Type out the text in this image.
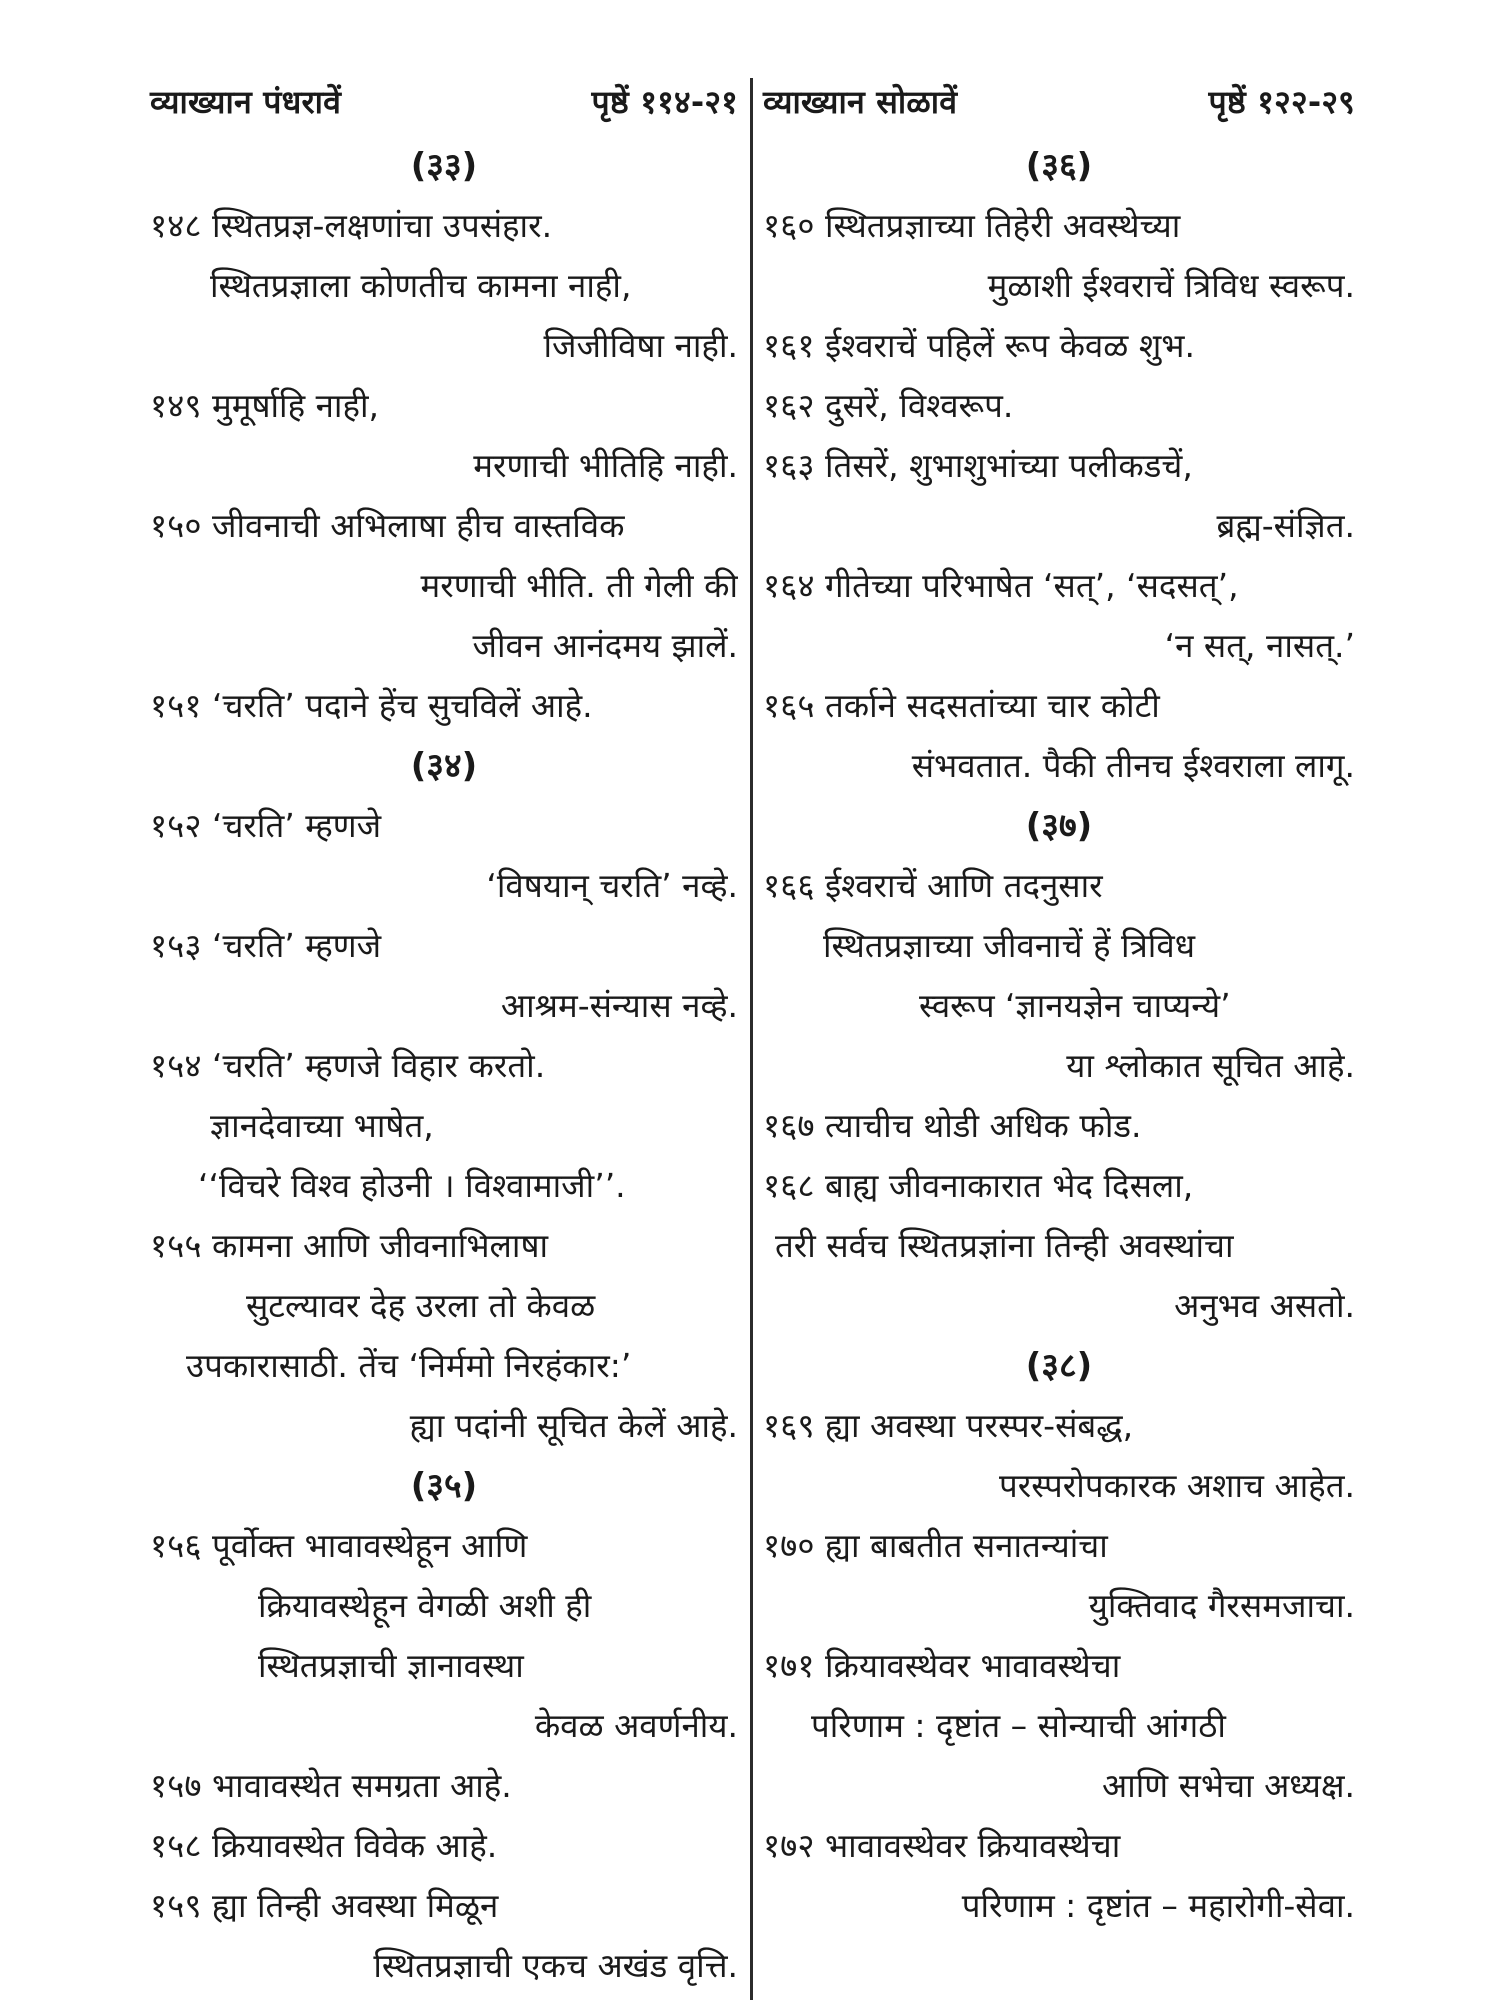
व्याख्यान पंधरावें	पृष्ठें ११४-२१
(३३)
१४८ स्थितप्रज्ञ-लक्षणांचा उपसंहार.
स्थितप्रज्ञाला कोणतीच कामना नाही,
जिजीविषा नाही.
१४९ मुमूर्षाहि नाही,
मरणाची भीतिहि नाही.
१५० जीवनाची अभिलाषा हीच वास्तविक
मरणाची भीति. ती गेली की
जीवन आनंदमय झालें.
१५१ ‘चरति’ पदाने हेंच सुचविलें आहे.
(३४)
१५२ ‘चरति’ म्हणजे
‘विषयान् चरति’ नव्हे.
१५३ ‘चरति’ म्हणजे
आश्रम-संन्यास नव्हे.
१५४ ‘चरति’ म्हणजे विहार करतो.
ज्ञानदेवाच्या भाषेत,
‘‘विचरे विश्व होउनी । विश्वामाजी’’.
१५५ कामना आणि जीवनाभिलाषा
सुटल्यावर देह उरला तो केवळ
उपकारासाठी. तेंच ‘निर्ममो निरहंकार:’
ह्या पदांनी सूचित केलें आहे.
(३५)
१५६ पूर्वोक्त भावावस्थेहून आणि
क्रियावस्थेहून वेगळी अशी ही
स्थितप्रज्ञाची ज्ञानावस्था
केवळ अवर्णनीय.
१५७ भावावस्थेत समग्रता आहे.
१५८ क्रियावस्थेत विवेक आहे.
१५९ ह्या तिन्ही अवस्था मिळून
स्थितप्रज्ञाची एकच अखंड वृत्ति.
व्याख्यान सोळावें	पृष्ठें १२२-२९
(३६)
१६० स्थितप्रज्ञाच्या तिहेरी अवस्थेच्या
मुळाशी ईश्वराचें त्रिविध स्वरूप.
१६१ ईश्वराचें पहिलें रूप केवळ शुभ.
१६२ दुसरें, विश्वरूप.
१६३ तिसरें, शुभाशुभांच्या पलीकडचें,
ब्रह्म-संज्ञित.
१६४ गीतेच्या परिभाषेत ‘सत्’, ‘सदसत्’,
‘न सत्, नासत्.’
१६५ तर्काने सदसतांच्या चार कोटी
संभवतात. पैकी तीनच ईश्वराला लागू.
(३७)
१६६ ईश्वराचें आणि तदनुसार
स्थितप्रज्ञाच्या जीवनाचें हें त्रिविध
स्वरूप ‘ज्ञानयज्ञेन चाप्यन्ये’
या श्लोकात सूचित आहे.
१६७ त्याचीच थोडी अधिक फोड.
१६८ बाह्य जीवनाकारात भेद दिसला,
तरी सर्वच स्थितप्रज्ञांना तिन्ही अवस्थांचा
अनुभव असतो.
(३८)
१६९ ह्या अवस्था परस्पर-संबद्ध,
परस्परोपकारक अशाच आहेत.
१७० ह्या बाबतीत सनातन्यांचा
युक्तिवाद गैरसमजाचा.
१७१ क्रियावस्थेवर भावावस्थेचा
परिणाम : दृष्टांत – सोन्याची आंगठी
आणि सभेचा अध्यक्ष.
१७२ भावावस्थेवर क्रियावस्थेचा
परिणाम : दृष्टांत – महारोगी-सेवा.
